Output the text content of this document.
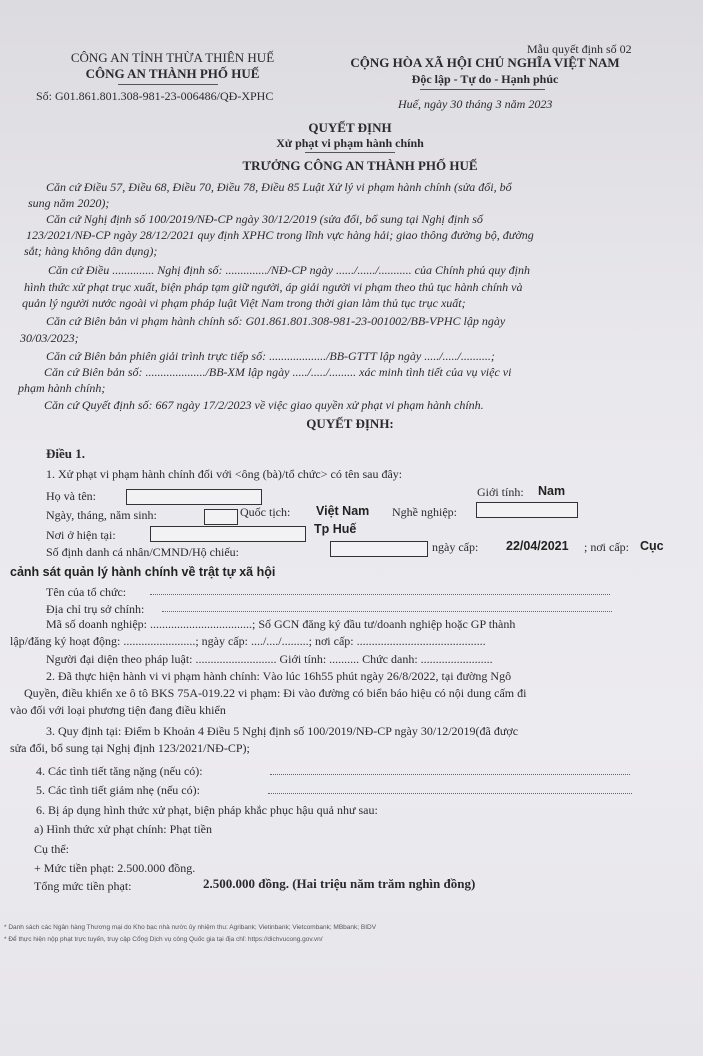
CÔNG AN TỈNH THỪA THIÊN HUẾ
CÔNG AN THÀNH PHỐ HUẾ
Số: G01.861.801.308-981-23-006486/QĐ-XPHC
Mẫu quyết định số 02
CỘNG HÒA XÃ HỘI CHỦ NGHĨA VIỆT NAM
Độc lập - Tự do - Hạnh phúc
Huế, ngày 30 tháng 3 năm 2023
QUYẾT ĐỊNH
Xử phạt vi phạm hành chính
TRƯỞNG CÔNG AN THÀNH PHỐ HUẾ
Căn cứ Điều 57, Điều 68, Điều 70, Điều 78, Điều 85 Luật Xử lý vi phạm hành chính (sửa đổi, bổ
sung năm 2020);
Căn cứ Nghị định số 100/2019/NĐ-CP ngày 30/12/2019 (sửa đổi, bổ sung tại Nghị định số
123/2021/NĐ-CP ngày 28/12/2021 quy định XPHC trong lĩnh vực hàng hải; giao thông đường bộ, đường
sắt; hàng không dân dụng);
Căn cứ Điều .............. Nghị định số: ............../NĐ-CP ngày ....../....../........... của Chính phủ quy định
hình thức xử phạt trục xuất, biện pháp tạm giữ người, áp giải người vi phạm theo thủ tục hành chính và
quản lý người nước ngoài vi phạm pháp luật Việt Nam trong thời gian làm thủ tục trục xuất;
Căn cứ Biên bản vi phạm hành chính số: G01.861.801.308-981-23-001002/BB-VPHC lập ngày
30/03/2023;
Căn cứ Biên bản phiên giải trình trực tiếp số: .................../BB-GTTT lập ngày ...../...../..........;
Căn cứ Biên bản số: ..................../BB-XM lập ngày ...../...../......... xác minh tình tiết của vụ việc vi
phạm hành chính;
Căn cứ Quyết định số: 667 ngày 17/2/2023 về việc giao quyền xử phạt vi phạm hành chính.
QUYẾT ĐỊNH:
Điều 1.
1. Xử phạt vi phạm hành chính đối với <ông (bà)/tổ chức> có tên sau đây:
Họ và tên:	Giới tính: Nam
Ngày, tháng, năm sinh:	Quốc tịch: Việt Nam Nghề nghiệp:
Nơi ở hiện tại:	Tp Huế
Số định danh cá nhân/CMND/Hộ chiếu:	ngày cấp: 22/04/2021 ; nơi cấp: Cục
cảnh sát quản lý hành chính về trật tự xã hội
Tên của tổ chức:
Địa chỉ trụ sở chính:
Mã số doanh nghiệp: ..................................; Số GCN đăng ký đầu tư/doanh nghiệp hoặc GP thành
lập/đăng ký hoạt động: ........................; ngày cấp: ..../..../.........; nơi cấp: ...........................................
Người đại diện theo pháp luật: ........................... Giới tính: .......... Chức danh: ........................
2. Đã thực hiện hành vi vi phạm hành chính: Vào lúc 16h55 phút ngày 26/8/2022, tại đường Ngô
Quyền, điều khiển xe ô tô BKS 75A-019.22 vi phạm: Đi vào đường có biển báo hiệu có nội dung cấm đi
vào đối với loại phương tiện đang điều khiển
3. Quy định tại: Điểm b Khoản 4 Điều 5 Nghị định số 100/2019/NĐ-CP ngày 30/12/2019(đã được
sửa đổi, bổ sung tại Nghị định 123/2021/NĐ-CP);
4. Các tình tiết tăng nặng (nếu có):
5. Các tình tiết giảm nhẹ (nếu có):
6. Bị áp dụng hình thức xử phạt, biện pháp khắc phục hậu quả như sau:
a) Hình thức xử phạt chính: Phạt tiền
Cụ thể:
+ Mức tiền phạt: 2.500.000 đồng.
Tổng mức tiền phạt:	2.500.000 đồng. (Hai triệu năm trăm nghìn đồng)
* Danh sách các Ngân hàng Thương mại do Kho bạc nhà nước ủy nhiệm thu: Agribank; Vietinbank; Vietcombank; MBbank; BIDV
* Để thực hiện nộp phạt trực tuyến, truy cập Cổng Dịch vụ công Quốc gia tại địa chỉ: https://dichvucong.gov.vn/
